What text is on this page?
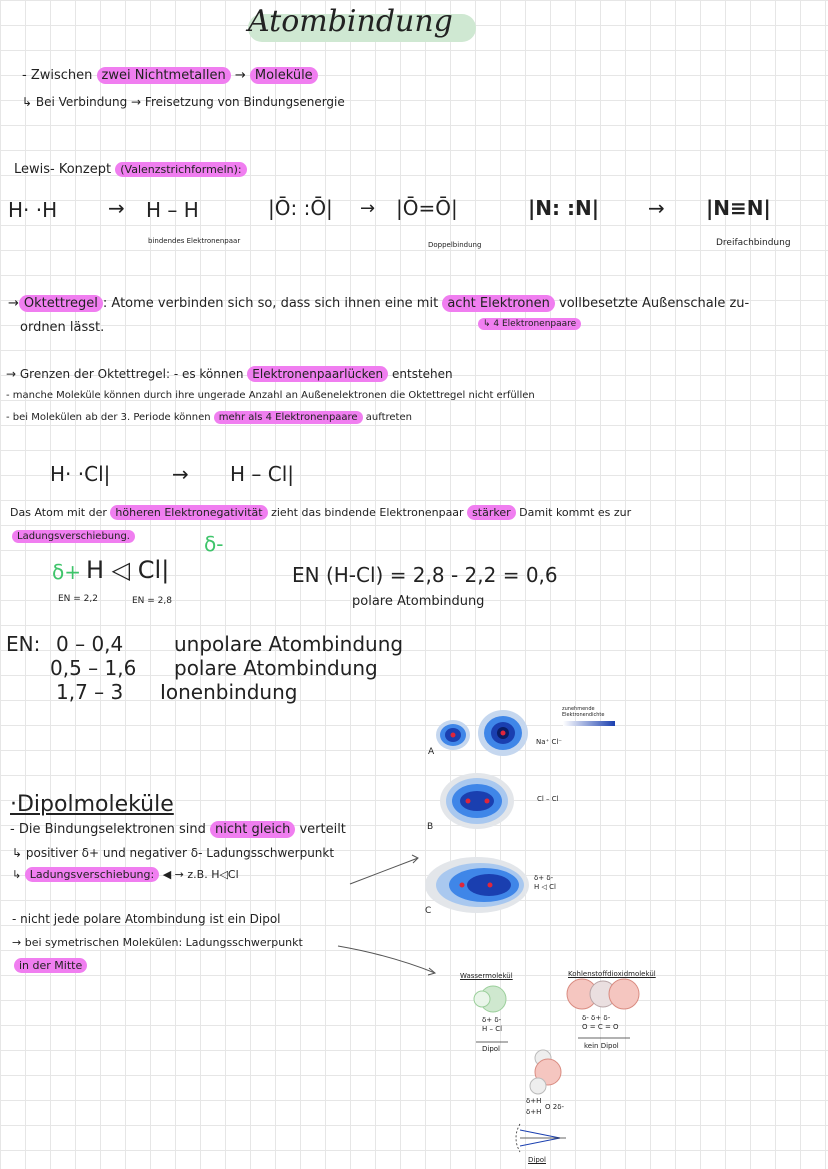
Atombindung
- Zwischen zwei Nichtmetallen → Moleküle
↳ Bei Verbindung → Freisetzung von Bindungsenergie
Lewis- Konzept (Valenzstrichformeln):
H· ·H	→ H – H
bindendes Elektronenpaar
|Ō: :Ō| → |Ō=Ō|
Doppelbindung
|N: :N| → |N≡N|
Dreifachbindung
→ Oktettregel : Atome verbinden sich so, dass sich ihnen eine mit acht Elektronen vollbesetzte Außenschale zu-
ordnen lässt.	↳ 4 Elektronenpaare
→ Grenzen der Oktettregel: - es können Elektronenpaarlücken entstehen
- manche Moleküle können durch ihre ungerade Anzahl an Außenelektronen die Oktettregel nicht erfüllen
- bei Molekülen ab der 3. Periode können mehr als 4 Elektronenpaare auftreten
H· ·Cl|	→ H – Cl|
Das Atom mit der höheren Elektronegativität zieht das bindende Elektronenpaar stärker Damit kommt es zur
Ladungsverschiebung.
δ+
δ-
H ◁ Cl|
EN = 2,2	EN = 2,8
EN (H-Cl) = 2,8 - 2,2 = 0,6
polare Atombindung
EN: 0 – 0,4	unpolare Atombindung
0,5 – 1,6 polare Atombindung
1,7 – 3 Ionenbindung
zunehmende Elektronendichte
A
B
C
Na⁺ Cl⁻
Cl – Cl
δ+ δ-
H ◁ Cl
·Dipolmoleküle
- Die Bindungselektronen sind nicht gleich verteilt
↳ positiver δ+ und negativer δ- Ladungsschwerpunkt
↳ Ladungsverschiebung: ◀ → z.B. H◁Cl
- nicht jede polare Atombindung ist ein Dipol
→ bei symetrischen Molekülen: Ladungsschwerpunkt
in der Mitte
Wassermolekül
δ+ δ-
H – Cl
Dipol
Kohlenstoffdioxidmolekül
δ- δ+ δ-
O = C = O
kein Dipol
δ+H
O 2δ-
δ+H
Dipol
